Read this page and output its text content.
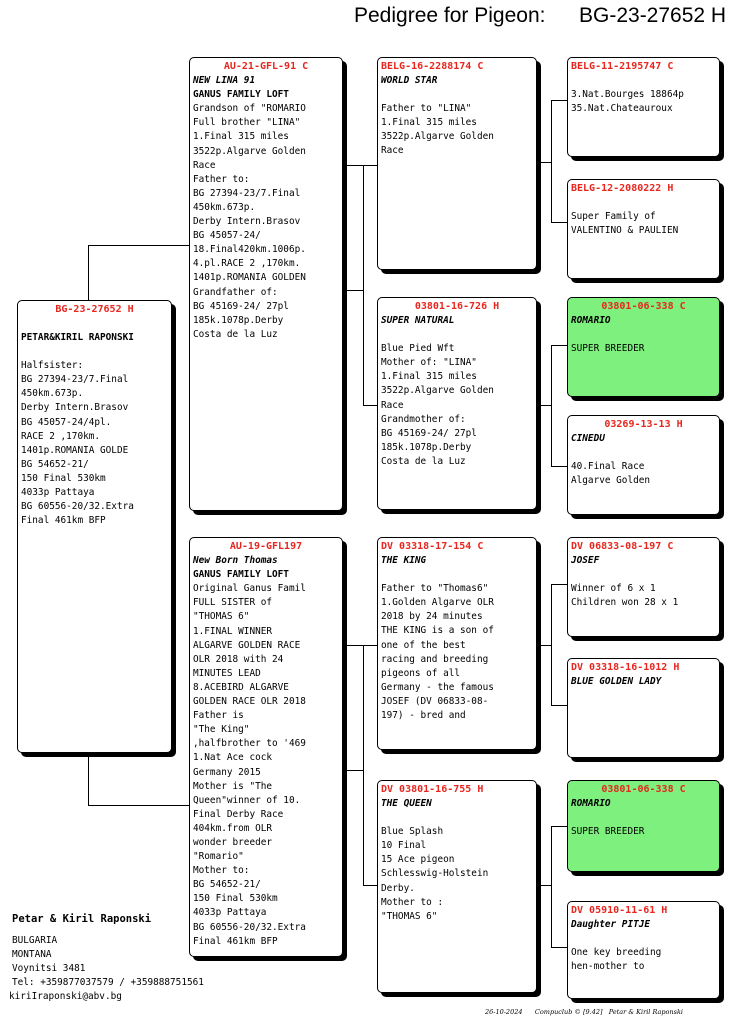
Pedigree for Pigeon: BG-23-27652 H
BG-23-27652 H
PETAR&KIRIL RAPONSKI
Halfsister:
BG 27394-23/7.Final
450km.673p.
Derby Intern.Brasov
BG 45057-24/4pl.
RACE 2 ,170km.
1401p.ROMANIA GOLDE
BG 54652-21/
150 Final 530km
4033p Pattaya
BG 60556-20/32.Extra
Final 461km BFP
AU-21-GFL-91 C
NEW LINA 91
GANUS FAMILY LOFT
Grandson of "ROMARIO
Full brother "LINA"
1.Final 315 miles
3522p.Algarve Golden
Race
Father to:
BG 27394-23/7.Final
450km.673p.
Derby Intern.Brasov
BG 45057-24/
18.Final420km.1006p.
4.pl.RACE 2 ,170km.
1401p.ROMANIA GOLDEN
Grandfather of:
BG 45169-24/ 27pl
185k.1078p.Derby
Costa de la Luz
AU-19-GFL197
New Born Thomas
GANUS FAMILY LOFT
Original Ganus Famil
FULL SISTER of
"THOMAS 6"
1.FINAL WINNER
ALGARVE GOLDEN RACE
OLR 2018 with 24
MINUTES LEAD
8.ACEBIRD ALGARVE
GOLDEN RACE OLR 2018
Father is
"The King"
,halfbrother to '469
1.Nat Ace cock
Germany 2015
Mother is "The
Queen"winner of 10.
Final Derby Race
404km.from OLR
wonder breeder
"Romario"
Mother to:
BG 54652-21/
150 Final 530km
4033p Pattaya
BG 60556-20/32.Extra
Final 461km BFP
BELG-16-2288174 C
WORLD STAR
Father to "LINA"
1.Final 315 miles
3522p.Algarve Golden
Race
03801-16-726 H
SUPER NATURAL
Blue Pied Wft
Mother of: "LINA"
1.Final 315 miles
3522p.Algarve Golden
Race
Grandmother of:
BG 45169-24/ 27pl
185k.1078p.Derby
Costa de la Luz
DV 03318-17-154 C
THE KING
Father to "Thomas6"
1.Golden Algarve OLR
2018 by 24 minutes
THE KING is a son of
one of the best
racing and breeding
pigeons of all
Germany - the famous
JOSEF (DV 06833-08-
197) - bred and
DV 03801-16-755 H
THE QUEEN
Blue Splash
10 Final
15 Ace pigeon
Schlesswig-Holstein
Derby.
Mother to :
"THOMAS 6"
BELG-11-2195747 C
3.Nat.Bourges 18864p
35.Nat.Chateauroux
BELG-12-2080222 H
Super Family of
VALENTINO & PAULIEN
03801-06-338 C
ROMARIO
SUPER BREEDER
03269-13-13 H
CINEDU
40.Final Race
Algarve Golden
DV 06833-08-197 C
JOSEF
Winner of 6 x 1
Children won 28 x 1
DV 03318-16-1012 H
BLUE GOLDEN LADY
03801-06-338 C
ROMARIO
SUPER BREEDER
DV 05910-11-61 H
Daughter PITJE
One key breeding
hen-mother to
Petar & Kiril Raponski
BULGARIA
MONTANA
Voynitsi 3481
Tel: +359877037579 / +359888751561
kiriIraponski@abv.bg
26-10-2024 Compuclub © [9.42] Petar & Kiril Raponski
